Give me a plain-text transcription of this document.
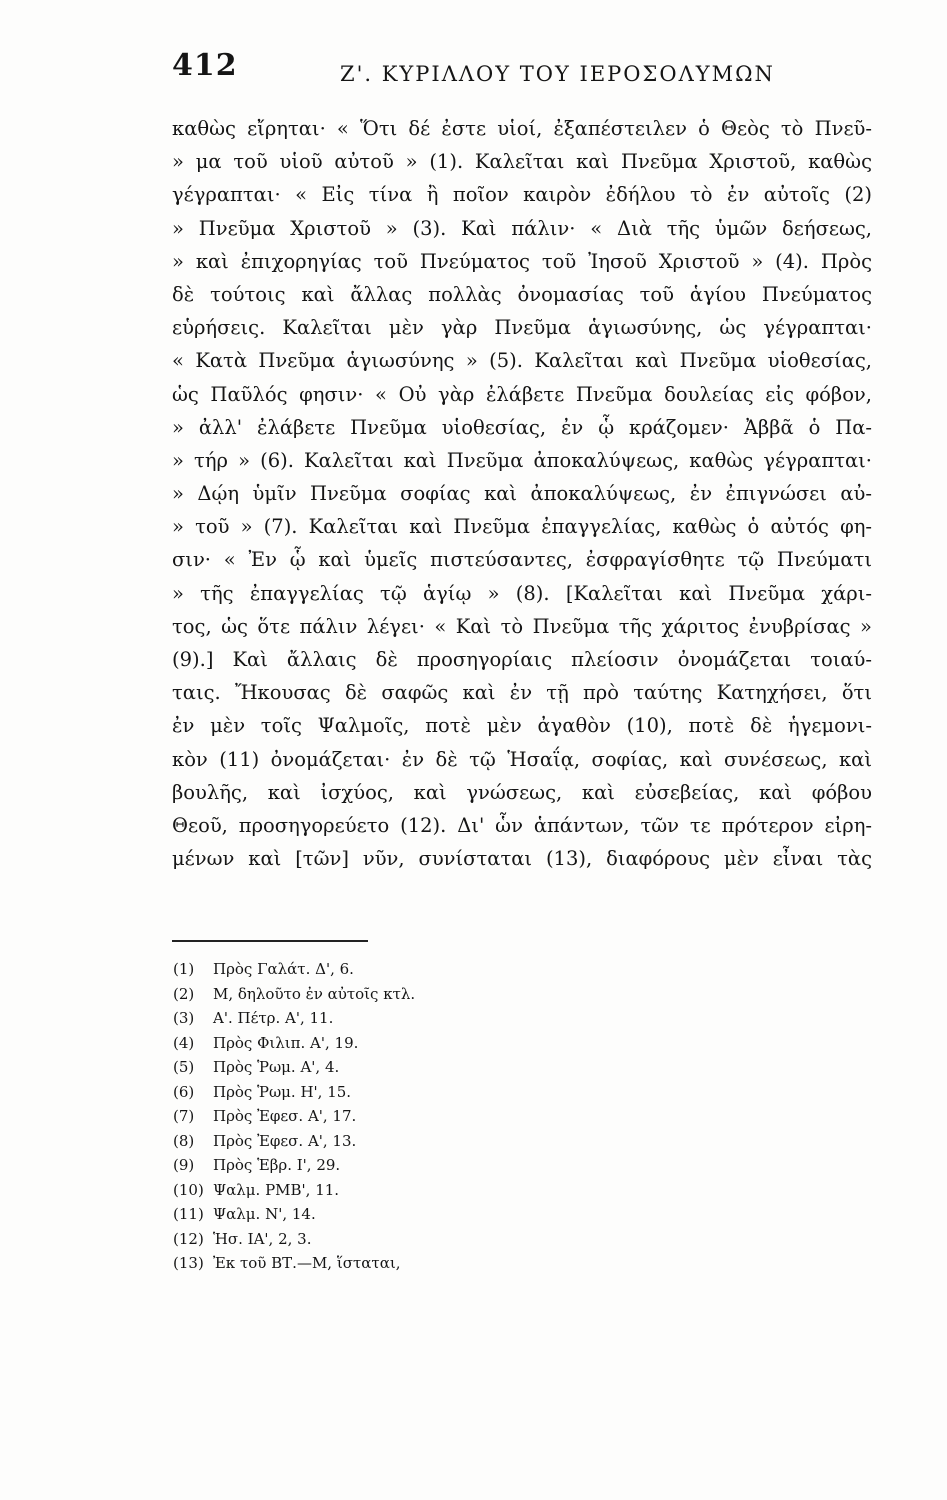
412	Ζ'. ΚΥΡΙΛΛΟΥ ΤΟΥ ΙΕΡΟΣΟΛΥΜΩΝ
καθὼς εἴρηται· « Ὅτι δέ ἐστε υἱοί, ἐξαπέστειλεν ὁ Θεὸς τὸ Πνεῦ-
» μα τοῦ υἱοῦ αὐτοῦ » (1). Καλεῖται καὶ Πνεῦμα Χριστοῦ, καθὼς
γέγραπται· « Εἰς τίνα ἢ ποῖον καιρὸν ἐδήλου τὸ ἐν αὐτοῖς (2)
» Πνεῦμα Χριστοῦ » (3). Καὶ πάλιν· « Διὰ τῆς ὑμῶν δεήσεως,
» καὶ ἐπιχορηγίας τοῦ Πνεύματος τοῦ Ἰησοῦ Χριστοῦ » (4). Πρὸς
δὲ τούτοις καὶ ἄλλας πολλὰς ὀνομασίας τοῦ ἁγίου Πνεύματος
εὑρήσεις. Καλεῖται μὲν γὰρ Πνεῦμα ἁγιωσύνης, ὡς γέγραπται·
« Κατὰ Πνεῦμα ἁγιωσύνης » (5). Καλεῖται καὶ Πνεῦμα υἱοθεσίας,
ὡς Παῦλός φησιν· « Οὐ γὰρ ἐλάβετε Πνεῦμα δουλείας εἰς φόβον,
» ἀλλ' ἐλάβετε Πνεῦμα υἱοθεσίας, ἐν ᾧ κράζομεν· Ἀββᾶ ὁ Πα-
» τήρ » (6). Καλεῖται καὶ Πνεῦμα ἀποκαλύψεως, καθὼς γέγραπται·
» Δῴη ὑμῖν Πνεῦμα σοφίας καὶ ἀποκαλύψεως, ἐν ἐπιγνώσει αὐ-
» τοῦ » (7). Καλεῖται καὶ Πνεῦμα ἐπαγγελίας, καθὼς ὁ αὐτός φη-
σιν· « Ἐν ᾧ καὶ ὑμεῖς πιστεύσαντες, ἐσφραγίσθητε τῷ Πνεύματι
» τῆς ἐπαγγελίας τῷ ἁγίῳ » (8). [Καλεῖται καὶ Πνεῦμα χάρι-
τος, ὡς ὅτε πάλιν λέγει· « Καὶ τὸ Πνεῦμα τῆς χάριτος ἐνυβρίσας »
(9).] Καὶ ἄλλαις δὲ προσηγορίαις πλείοσιν ὀνομάζεται τοιαύ-
ταις. Ἤκουσας δὲ σαφῶς καὶ ἐν τῇ πρὸ ταύτης Κατηχήσει, ὅτι
ἐν μὲν τοῖς Ψαλμοῖς, ποτὲ μὲν ἀγαθὸν (10), ποτὲ δὲ ἡγεμονι-
κὸν (11) ὀνομάζεται· ἐν δὲ τῷ Ἡσαΐᾳ, σοφίας, καὶ συνέσεως, καὶ
βουλῆς, καὶ ἰσχύος, καὶ γνώσεως, καὶ εὐσεβείας, καὶ φόβου
Θεοῦ, προσηγορεύετο (12). Δι' ὧν ἁπάντων, τῶν τε πρότερον εἰρη-
μένων καὶ [τῶν] νῦν, συνίσταται (13), διαφόρους μὲν εἶναι τὰς
(1) Πρὸς Γαλάτ. Δ', 6.
(2) Μ, δηλοῦτο ἐν αὐτοῖς κτλ.
(3) Α'. Πέτρ. Α', 11.
(4) Πρὸς Φιλιπ. Α', 19.
(5) Πρὸς Ῥωμ. Α', 4.
(6) Πρὸς Ῥωμ. Η', 15.
(7) Πρὸς Ἐφεσ. Α', 17.
(8) Πρὸς Ἐφεσ. Α', 13.
(9) Πρὸς Ἑβρ. Ι', 29.
(10) Ψαλμ. ΡΜΒ', 11.
(11) Ψαλμ. Ν', 14.
(12) Ἡσ. ΙΑ', 2, 3.
(13) Ἐκ τοῦ ΒΤ.—Μ, ἵσταται,
